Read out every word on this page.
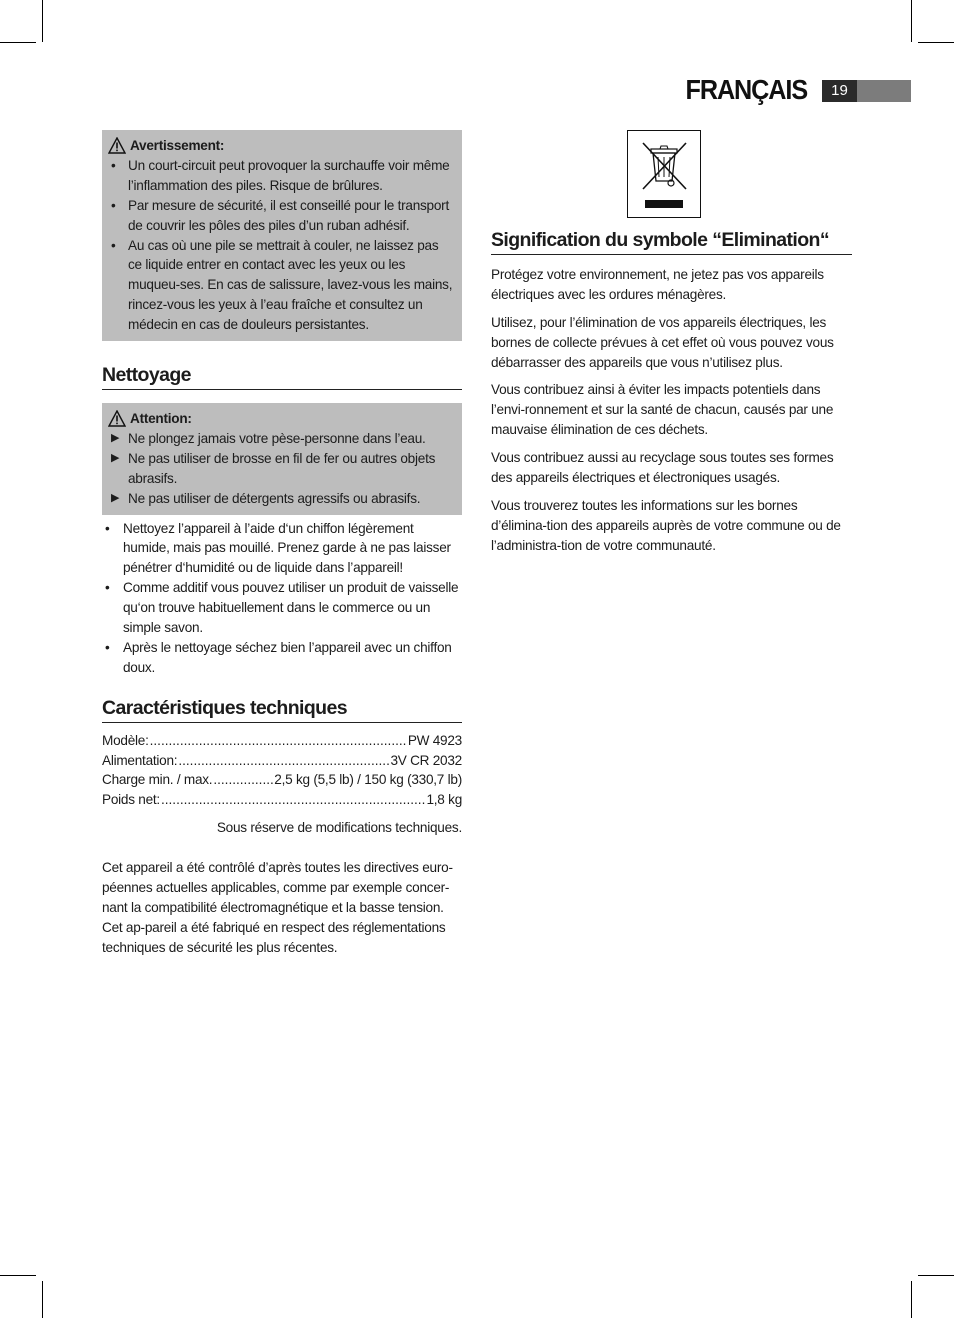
FRANÇAIS	19
Avertissement:
• Un court-circuit peut provoquer la surchauffe voir même l’inflammation des piles. Risque de brûlures.
• Par mesure de sécurité, il est conseillé pour le transport de couvrir les pôles des piles d’un ruban adhésif.
• Au cas où une pile se mettrait à couler, ne laissez pas ce liquide entrer en contact avec les yeux ou les muqueu-ses. En cas de salissure, lavez-vous les mains, rincez-vous les yeux à l’eau fraîche et consultez un médecin en cas de douleurs persistantes.
Nettoyage
Attention:
▶ Ne plongez jamais votre pèse-personne dans l’eau.
▶ Ne pas utiliser de brosse en fil de fer ou autres objets abrasifs.
▶ Ne pas utiliser de détergents agressifs ou abrasifs.
• Nettoyez l’appareil à l’aide d‘un chiffon légèrement humide, mais pas mouillé. Prenez garde à ne pas laisser pénétrer d‘humidité ou de liquide dans l’appareil!
• Comme additif vous pouvez utiliser un produit de vaisselle qu‘on trouve habituellement dans le commerce ou un simple savon.
• Après le nettoyage séchez bien l’appareil avec un chiffon doux.
Caractéristiques techniques
Modèle: .....	PW 4923
Alimentation: .....	3V CR 2032
Charge min. / max. .....	2,5 kg (5,5 lb) / 150 kg (330,7 lb)
Poids net: .....	1,8 kg

Sous réserve de modifications techniques.

Cet appareil a été contrôlé d’après toutes les directives euro-péennes actuelles applicables, comme par exemple concer-nant la compatibilité électromagnétique et la basse tension. Cet ap-pareil a été fabriqué en respect des réglementations techniques de sécurité les plus récentes.

Signification du symbole “Elimination“

Protégez votre environnement, ne jetez pas vos appareils électriques avec les ordures ménagères.

Utilisez, pour l’élimination de vos appareils électriques, les bornes de collecte prévues à cet effet où vous pouvez vous débarrasser des appareils que vous n’utilisez plus.

Vous contribuez ainsi à éviter les impacts potentiels dans l’envi-ronnement et sur la santé de chacun, causés par une mauvaise élimination de ces déchets.

Vous contribuez aussi au recyclage sous toutes ses formes des appareils électriques et électroniques usagés.

Vous trouverez toutes les informations sur les bornes d’élimina-tion des appareils auprès de votre commune ou de l’administra-tion de votre communauté.
